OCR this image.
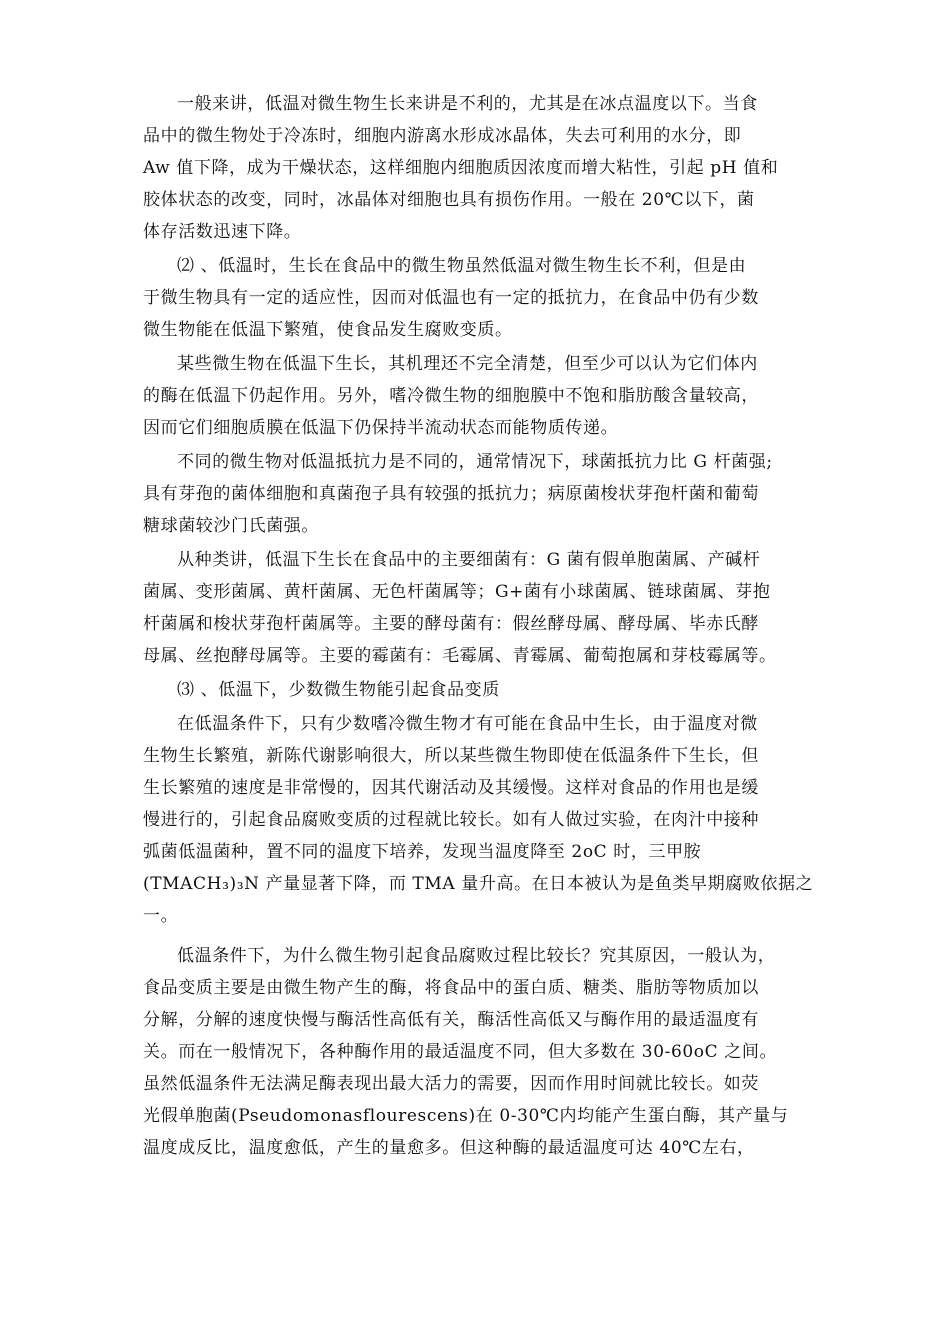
一般来讲，低温对微生物生长来讲是不利的，尤其是在冰点温度以下。当食
品中的微生物处于冷冻时，细胞内游离水形成冰晶体，失去可利用的水分，即
Aw 值下降，成为干燥状态，这样细胞内细胞质因浓度而增大粘性，引起 pH 值和
胶体状态的改变，同时，冰晶体对细胞也具有损伤作用。一般在 20℃以下，菌
体存活数迅速下降。
⑵ 、低温时，生长在食品中的微生物虽然低温对微生物生长不利，但是由
于微生物具有一定的适应性，因而对低温也有一定的抵抗力，在食品中仍有少数
微生物能在低温下繁殖，使食品发生腐败变质。
某些微生物在低温下生长，其机理还不完全清楚，但至少可以认为它们体内
的酶在低温下仍起作用。另外，嗜冷微生物的细胞膜中不饱和脂肪酸含量较高，
因而它们细胞质膜在低温下仍保持半流动状态而能物质传递。
不同的微生物对低温抵抗力是不同的，通常情况下，球菌抵抗力比 G 杆菌强;
具有芽孢的菌体细胞和真菌孢子具有较强的抵抗力；病原菌梭状芽孢杆菌和葡萄
糖球菌较沙门氏菌强。
从种类讲，低温下生长在食品中的主要细菌有：G 菌有假单胞菌属、产碱杆
菌属、变形菌属、黄杆菌属、无色杆菌属等；G+菌有小球菌属、链球菌属、芽抱
杆菌属和梭状芽孢杆菌属等。主要的酵母菌有：假丝酵母属、酵母属、毕赤氏酵
母属、丝抱酵母属等。主要的霉菌有：毛霉属、青霉属、葡萄抱属和芽枝霉属等。
⑶ 、低温下，少数微生物能引起食品变质
在低温条件下，只有少数嗜冷微生物才有可能在食品中生长，由于温度对微
生物生长繁殖，新陈代谢影响很大，所以某些微生物即使在低温条件下生长，但
生长繁殖的速度是非常慢的，因其代谢活动及其缓慢。这样对食品的作用也是缓
慢进行的，引起食品腐败变质的过程就比较长。如有人做过实验，在肉汁中接种
弧菌低温菌种，置不同的温度下培养，发现当温度降至 2oC 时，三甲胺
(TMACH₃)₃N 产量显著下降，而 TMA 量升高。在日本被认为是鱼类早期腐败依据之
一。
低温条件下，为什么微生物引起食品腐败过程比较长？究其原因，一般认为，
食品变质主要是由微生物产生的酶，将食品中的蛋白质、糖类、脂肪等物质加以
分解，分解的速度快慢与酶活性高低有关，酶活性高低又与酶作用的最适温度有
关。而在一般情况下，各种酶作用的最适温度不同，但大多数在 30-60oC 之间。
虽然低温条件无法满足酶表现出最大活力的需要，因而作用时间就比较长。如荧
光假单胞菌(Pseudomonasflourescens)在 0-30℃内均能产生蛋白酶，其产量与
温度成反比，温度愈低，产生的量愈多。但这种酶的最适温度可达 40℃左右，
